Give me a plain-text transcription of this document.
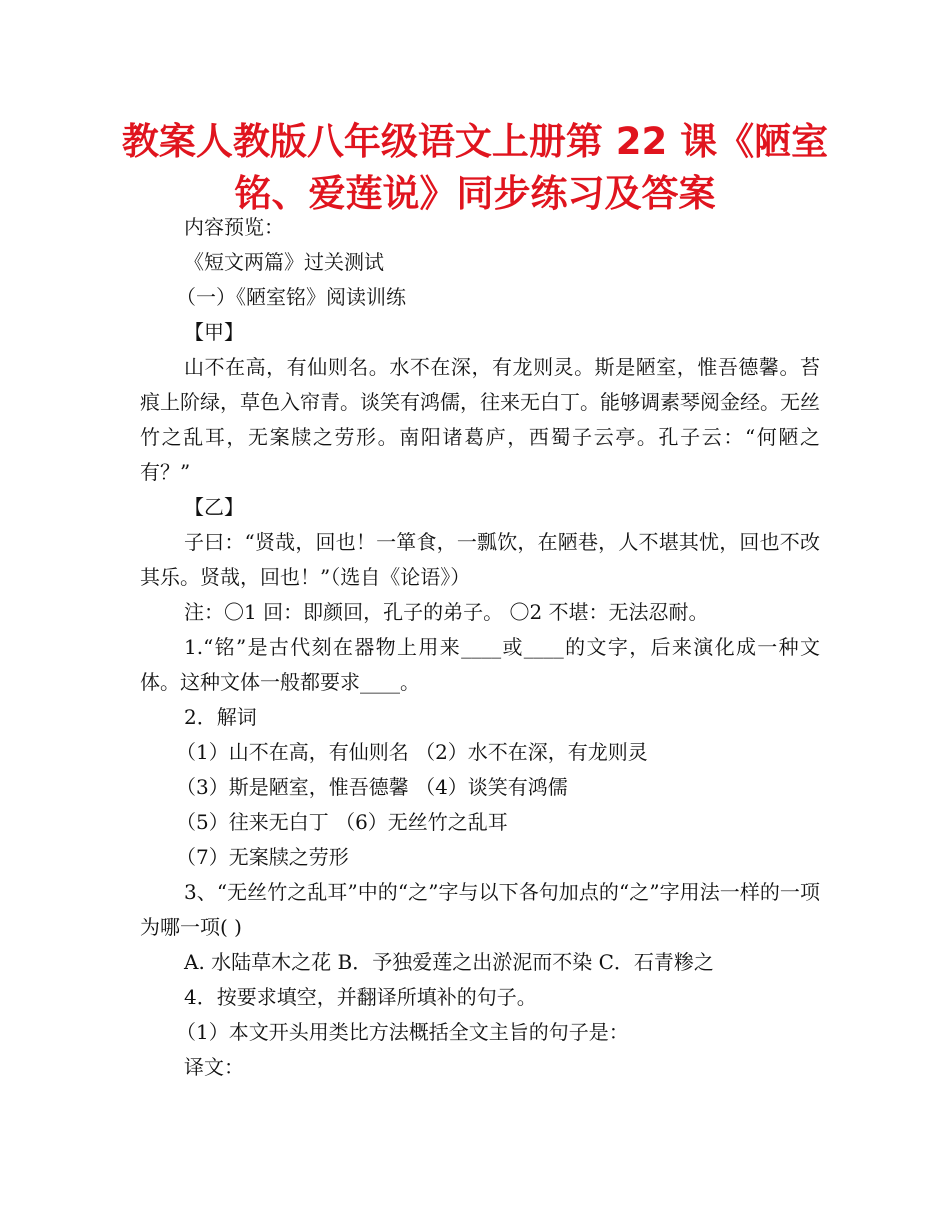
教案人教版八年级语文上册第 22 课《陋室
铭、爱莲说》同步练习及答案

内容预览：

《短文两篇》过关测试

（一）《陋室铭》阅读训练

【甲】

山不在高，有仙则名。水不在深，有龙则灵。斯是陋室，惟吾德馨。苔痕上阶绿，草色入帘青。谈笑有鸿儒，往来无白丁。能够调素琴阅金经。无丝竹之乱耳，无案牍之劳形。南阳诸葛庐，西蜀子云亭。孔子云：“何陋之有？”

【乙】

子曰：“贤哉，回也！一箪食，一瓢饮，在陋巷，人不堪其忧，回也不改其乐。贤哉，回也！”（选自《论语》）

注：〇1 回：即颜回，孔子的弟子。 〇2 不堪：无法忍耐。

1.“铭”是古代刻在器物上用来____或____的文字，后来演化成一种文体。这种文体一般都要求____。

2．解词

（1）山不在高，有仙则名 （2）水不在深，有龙则灵

（3）斯是陋室，惟吾德馨 （4）谈笑有鸿儒

（5）往来无白丁 （6）无丝竹之乱耳

（7）无案牍之劳形

3、“无丝竹之乱耳”中的“之”字与以下各句加点的“之”字用法一样的一项为哪一项( )

A. 水陆草木之花 B．予独爱莲之出淤泥而不染 C．石青糁之

4．按要求填空，并翻译所填补的句子。

（1）本文开头用类比方法概括全文主旨的句子是：

译文：
